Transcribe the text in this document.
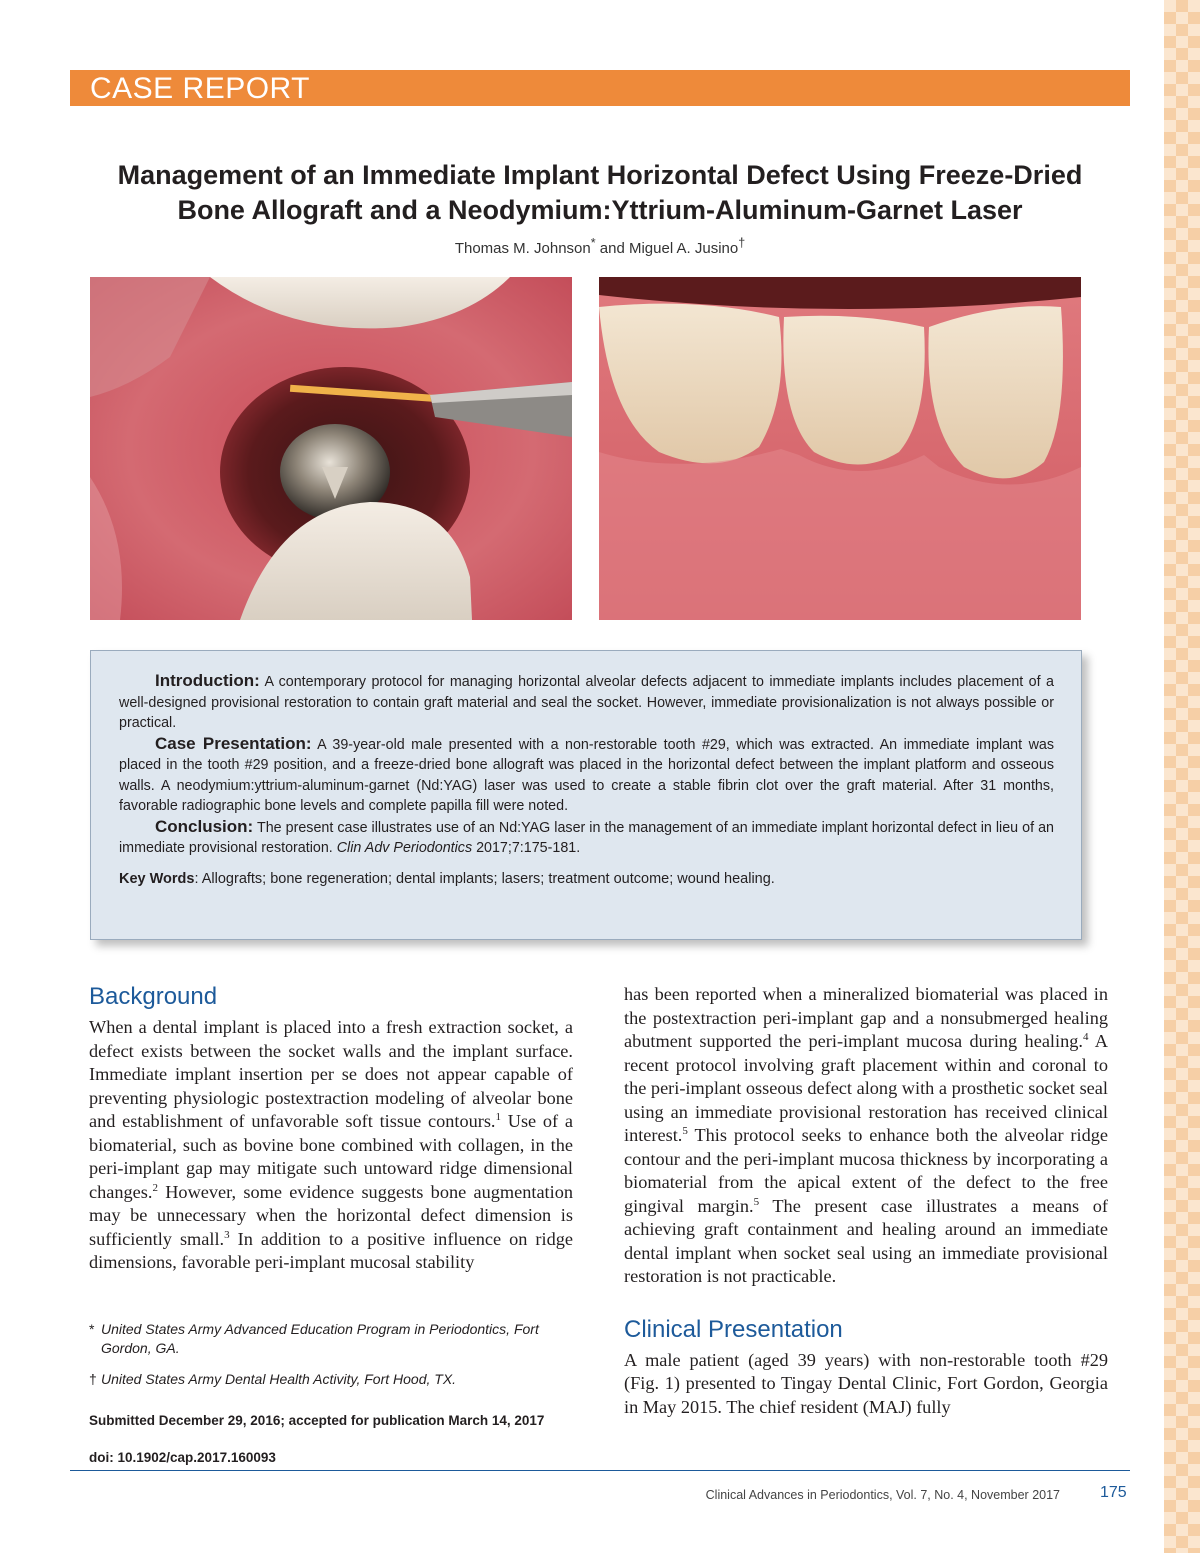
CASE REPORT
Management of an Immediate Implant Horizontal Defect Using Freeze-Dried
Bone Allograft and a Neodymium:Yttrium-Aluminum-Garnet Laser
Thomas M. Johnson* and Miguel A. Jusino†

Introduction: A contemporary protocol for managing horizontal alveolar defects adjacent to immediate implants includes placement of a well-designed provisional restoration to contain graft material and seal the socket. However, immediate provisionalization is not always possible or practical.

Case Presentation: A 39-year-old male presented with a non-restorable tooth #29, which was extracted. An immediate implant was placed in the tooth #29 position, and a freeze-dried bone allograft was placed in the horizontal defect between the implant platform and osseous walls. A neodymium:yttrium-aluminum-garnet (Nd:YAG) laser was used to create a stable fibrin clot over the graft material. After 31 months, favorable radiographic bone levels and complete papilla fill were noted.

Conclusion: The present case illustrates use of an Nd:YAG laser in the management of an immediate implant horizontal defect in lieu of an immediate provisional restoration. Clin Adv Periodontics 2017;7:175-181.

Key Words: Allografts; bone regeneration; dental implants; lasers; treatment outcome; wound healing.

Background

When a dental implant is placed into a fresh extraction socket, a defect exists between the socket walls and the implant surface. Immediate implant insertion per se does not appear capable of preventing physiologic postextraction modeling of alveolar bone and establishment of unfavorable soft tissue contours.$^1$ Use of a biomaterial, such as bovine bone combined with collagen, in the peri-implant gap may mitigate such untoward ridge dimensional changes.$^2$ However, some evidence suggests bone augmentation may be unnecessary when the horizontal defect dimension is sufficiently small.$^3$ In addition to a positive influence on ridge dimensions, favorable peri-implant mucosal stability

has been reported when a mineralized biomaterial was placed in the postextraction peri-implant gap and a nonsubmerged healing abutment supported the peri-implant mucosa during healing.$^4$ A recent protocol involving graft placement within and coronal to the peri-implant osseous defect along with a prosthetic socket seal using an immediate provisional restoration has received clinical interest.$^5$ This protocol seeks to enhance both the alveolar ridge contour and the peri-implant mucosa thickness by incorporating a biomaterial from the apical extent of the defect to the free gingival margin.$^5$ The present case illustrates a means of achieving graft containment and healing around an immediate dental implant when socket seal using an immediate provisional restoration is not practicable.

Clinical Presentation

A male patient (aged 39 years) with non-restorable tooth #29 (Fig. 1) presented to Tingay Dental Clinic, Fort Gordon, Georgia in May 2015. The chief resident (MAJ) fully

* United States Army Advanced Education Program in Periodontics, Fort Gordon, GA.

† United States Army Dental Health Activity, Fort Hood, TX.

Submitted December 29, 2016; accepted for publication March 14, 2017
doi: 10.1902/cap.2017.160093
Clinical Advances in Periodontics, Vol. 7, No. 4, November 2017	175
